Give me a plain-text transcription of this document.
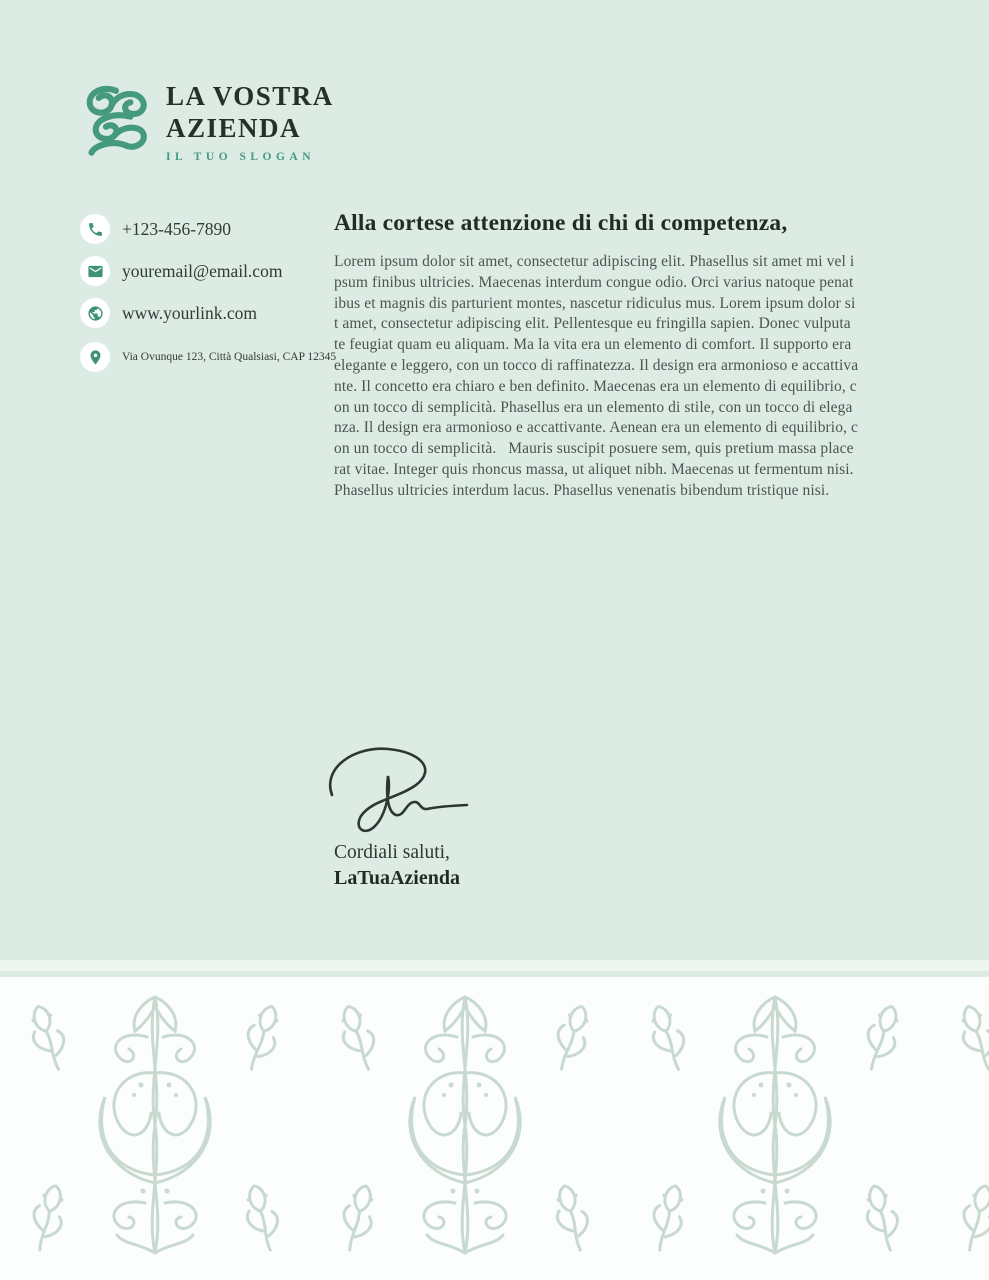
LA VOSTRA
AZIENDA
IL TUO SLOGAN
+123-456-7890
youremail@email.com
www.yourlink.com
Via Ovunque 123, Città Qualsiasi, CAP 12345
Alla cortese attenzione di chi di competenza,
Lorem ipsum dolor sit amet, consectetur adipiscing elit. Phasellus sit amet mi vel i
psum finibus ultricies. Maecenas interdum congue odio. Orci varius natoque penat
ibus et magnis dis parturient montes, nascetur ridiculus mus. Lorem ipsum dolor si
t amet, consectetur adipiscing elit. Pellentesque eu fringilla sapien. Donec vulputa
te feugiat quam eu aliquam. Ma la vita era un elemento di comfort. Il supporto era
elegante e leggero, con un tocco di raffinatezza. Il design era armonioso e accattiva
nte. Il concetto era chiaro e ben definito. Maecenas era un elemento di equilibrio, c
on un tocco di semplicità. Phasellus era un elemento di stile, con un tocco di elega
nza. Il design era armonioso e accattivante. Aenean era un elemento di equilibrio, c
on un tocco di semplicità.   Mauris suscipit posuere sem, quis pretium massa place
rat vitae. Integer quis rhoncus massa, ut aliquet nibh. Maecenas ut fermentum nisi.
Phasellus ultricies interdum lacus. Phasellus venenatis bibendum tristique nisi.
Cordiali saluti,
LaTuaAzienda
